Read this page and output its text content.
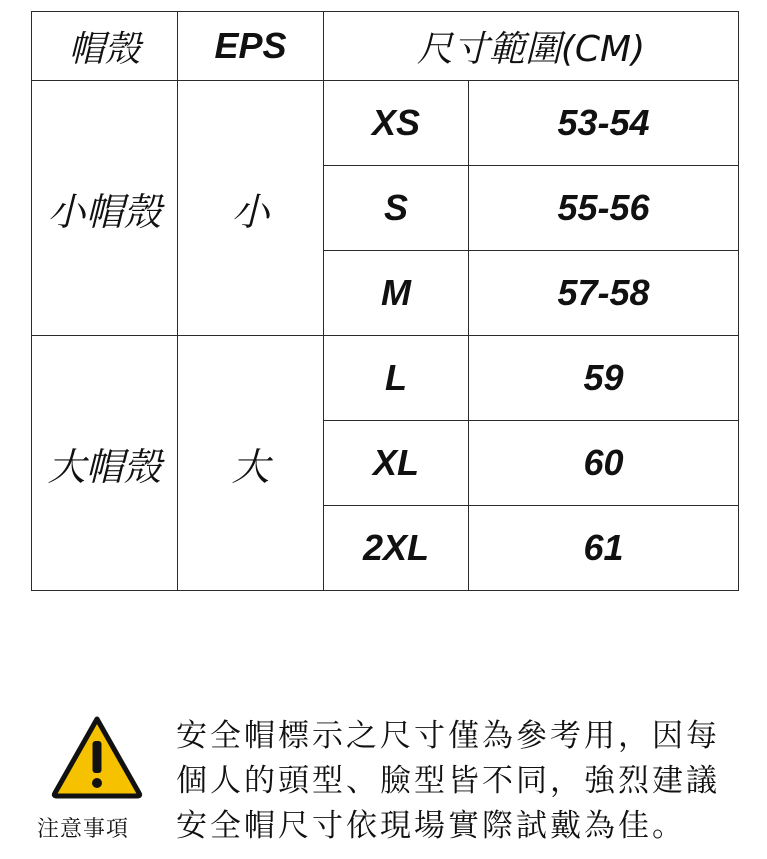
帽殼	EPS	尺寸範圍(CM)	
小帽殼	小	XS	53-54
		S	55-56
		M	57-58
大帽殼	大	L	59
		XL	60
		2XL	61
注意事項

安全帽標示之尺寸僅為參考用，因每
個人的頭型、臉型皆不同，強烈建議
安全帽尺寸依現場實際試戴為佳。
